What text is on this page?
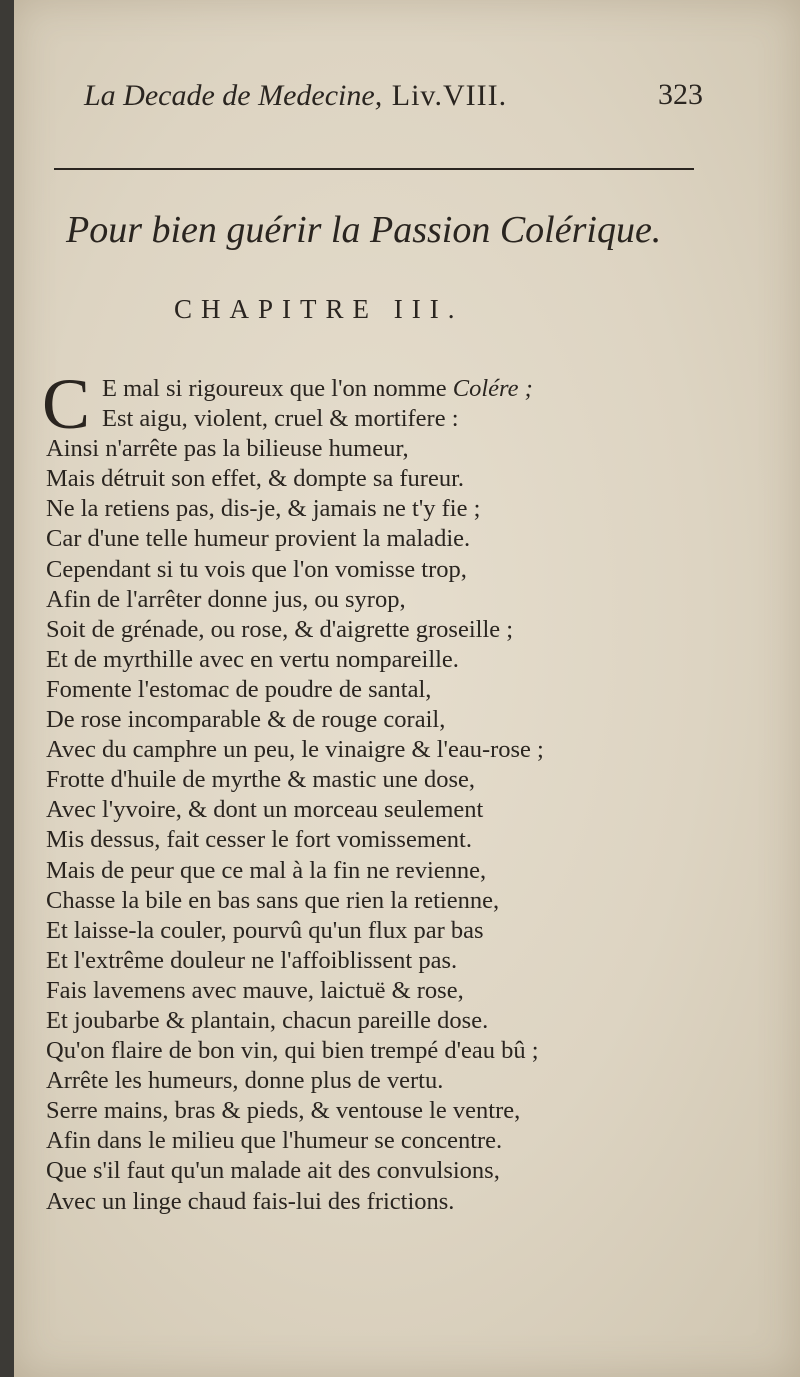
La Decade de Medecine, Liv.VIII.	323
Pour bien guérir la Passion Colérique.
CHAPITRE III.
C E mal si rigoureux que l'on nomme Colére ;
Est aigu, violent, cruel & mortifere :
Ainsi n'arrête pas la bilieuse humeur,
Mais détruit son effet, & dompte sa fureur.
Ne la retiens pas, dis-je, & jamais ne t'y fie ;
Car d'une telle humeur provient la maladie.
Cependant si tu vois que l'on vomisse trop,
Afin de l'arrêter donne jus, ou syrop,
Soit de grénade, ou rose, & d'aigrette groseille ;
Et de myrthille avec en vertu nompareille.
Fomente l'estomac de poudre de santal,
De rose incomparable & de rouge corail,
Avec du camphre un peu, le vinaigre & l'eau-rose ;
Frotte d'huile de myrthe & mastic une dose,
Avec l'yvoire, & dont un morceau seulement
Mis dessus, fait cesser le fort vomissement.
Mais de peur que ce mal à la fin ne revienne,
Chasse la bile en bas sans que rien la retienne,
Et laisse-la couler, pourvû qu'un flux par bas
Et l'extrême douleur ne l'affoiblissent pas.
Fais lavemens avec mauve, laictuë & rose,
Et joubarbe & plantain, chacun pareille dose.
Qu'on flaire de bon vin, qui bien trempé d'eau bû ;
Arrête les humeurs, donne plus de vertu.
Serre mains, bras & pieds, & ventouse le ventre,
Afin dans le milieu que l'humeur se concentre.
Que s'il faut qu'un malade ait des convulsions,
Avec un linge chaud fais-lui des frictions.
